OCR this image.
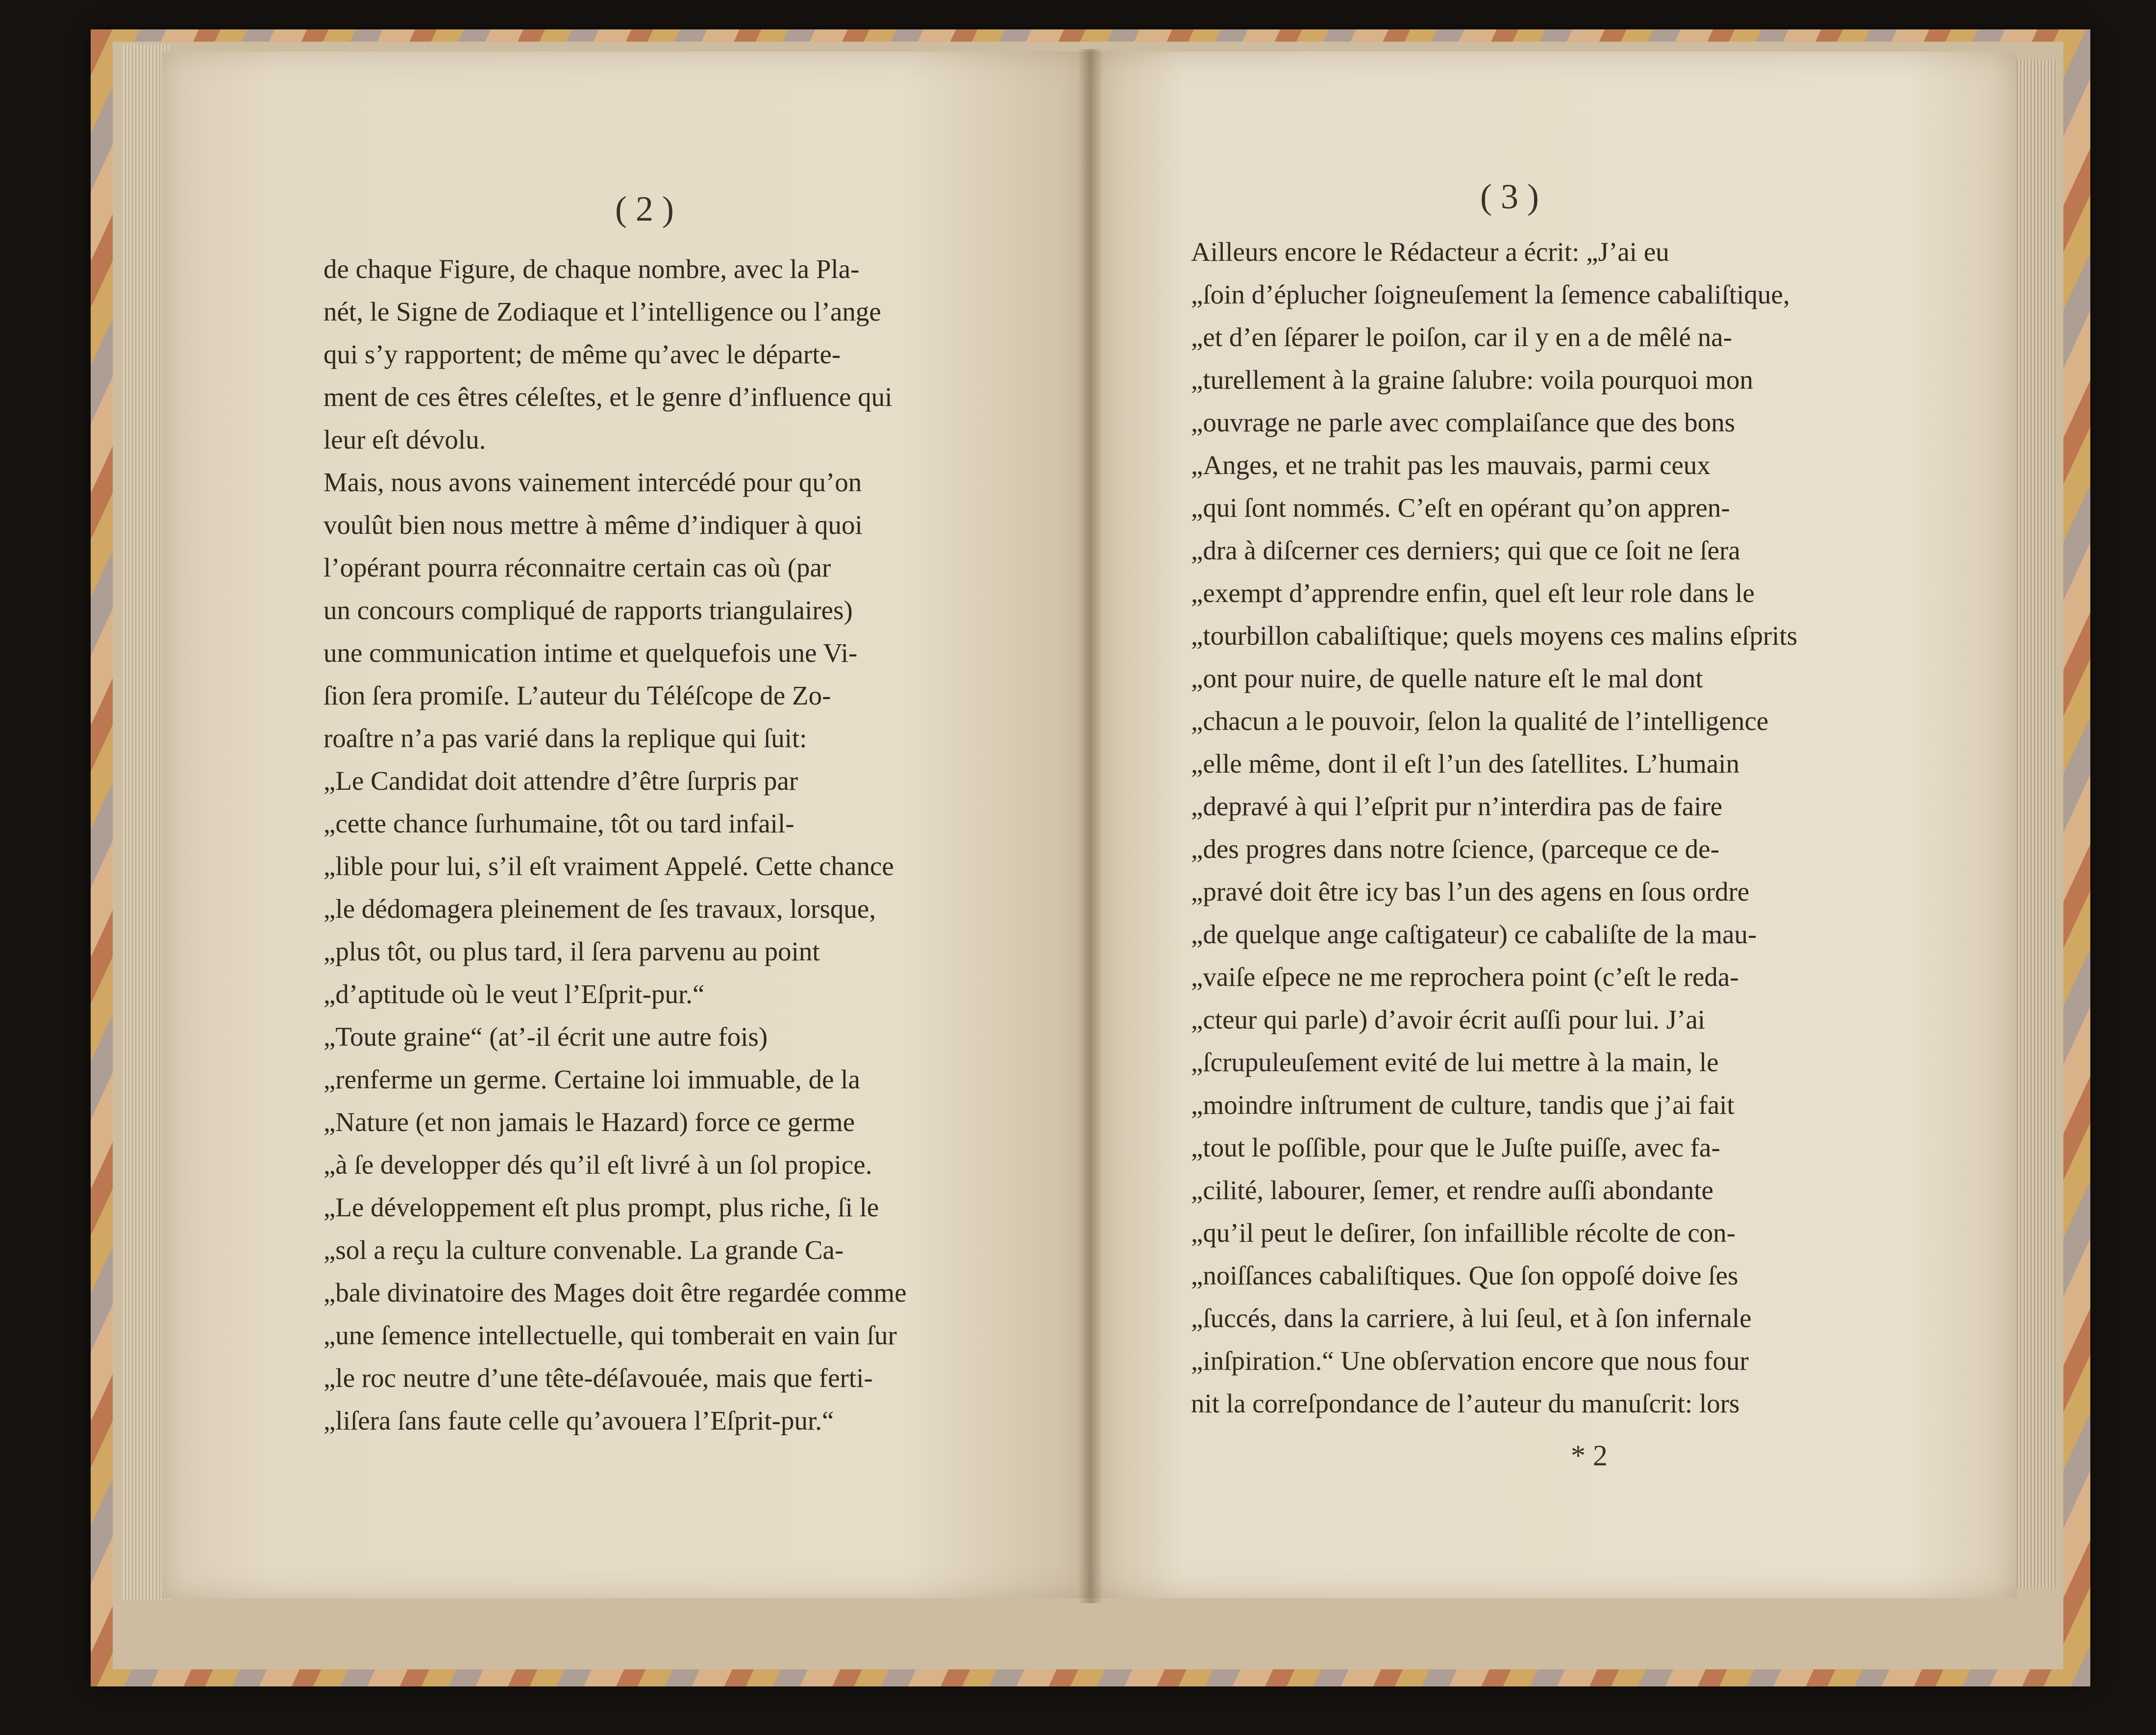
( 2 )	( 3 )
de chaque Figure, de chaque nombre, avec la Pla-
nét, le Signe de Zodiaque et l’intelligence ou l’ange
qui s’y rapportent; de même qu’avec le départe-
ment de ces êtres céleſtes, et le genre d’influence qui
leur eſt dévolu.
Mais, nous avons vainement intercédé pour qu’on
voulût bien nous mettre à même d’indiquer à quoi
l’opérant pourra réconnaitre certain cas où (par
un concours compliqué de rapports triangulaires)
une communication intime et quelquefois une Vi-
ſion ſera promiſe. L’auteur du Téléſcope de Zo-
roaſtre n’a pas varié dans la replique qui ſuit:
„Le Candidat doit attendre d’être ſurpris par
„cette chance ſurhumaine, tôt ou tard infail-
„lible pour lui, s’il eſt vraiment Appelé. Cette chance
„le dédomagera pleinement de ſes travaux, lorsque,
„plus tôt, ou plus tard, il ſera parvenu au point
„d’aptitude où le veut l’Eſprit-pur.“
„Toute graine“ (at’-il écrit une autre fois)
„renferme un germe. Certaine loi immuable, de la
„Nature (et non jamais le Hazard) force ce germe
„à ſe developper dés qu’il eſt livré à un ſol propice.
„Le développement eſt plus prompt, plus riche, ſi le
„sol a reçu la culture convenable. La grande Ca-
„bale divinatoire des Mages doit être regardée comme
„une ſemence intellectuelle, qui tomberait en vain ſur
„le roc neutre d’une tête-déſavouée, mais que ferti-
„liſera ſans faute celle qu’avouera l’Eſprit-pur.“
Ailleurs encore le Rédacteur a écrit: „J’ai eu
„ſoin d’éplucher ſoigneuſement la ſemence cabaliſtique,
„et d’en ſéparer le poiſon, car il y en a de mêlé na-
„turellement à la graine ſalubre: voila pourquoi mon
„ouvrage ne parle avec complaiſance que des bons
„Anges, et ne trahit pas les mauvais, parmi ceux
„qui ſont nommés. C’eſt en opérant qu’on appren-
„dra à diſcerner ces derniers; qui que ce ſoit ne ſera
„exempt d’apprendre enfin, quel eſt leur role dans le
„tourbillon cabaliſtique; quels moyens ces malins eſprits
„ont pour nuire, de quelle nature eſt le mal dont
„chacun a le pouvoir, ſelon la qualité de l’intelligence
„elle même, dont il eſt l’un des ſatellites. L’humain
„depravé à qui l’eſprit pur n’interdira pas de faire
„des progres dans notre ſcience, (parceque ce de-
„pravé doit être icy bas l’un des agens en ſous ordre
„de quelque ange caſtigateur) ce cabaliſte de la mau-
„vaiſe eſpece ne me reprochera point (c’eſt le reda-
„cteur qui parle) d’avoir écrit auſſi pour lui. J’ai
„ſcrupuleuſement evité de lui mettre à la main, le
„moindre inſtrument de culture, tandis que j’ai fait
„tout le poſſible, pour que le Juſte puiſſe, avec fa-
„cilité, labourer, ſemer, et rendre auſſi abondante
„qu’il peut le deſirer, ſon infaillible récolte de con-
„noiſſances cabaliſtiques. Que ſon oppoſé doive ſes
„ſuccés, dans la carriere, à lui ſeul, et à ſon infernale
„inſpiration.“ Une obſervation encore que nous four
nit la correſpondance de l’auteur du manuſcrit: lors
* 2
